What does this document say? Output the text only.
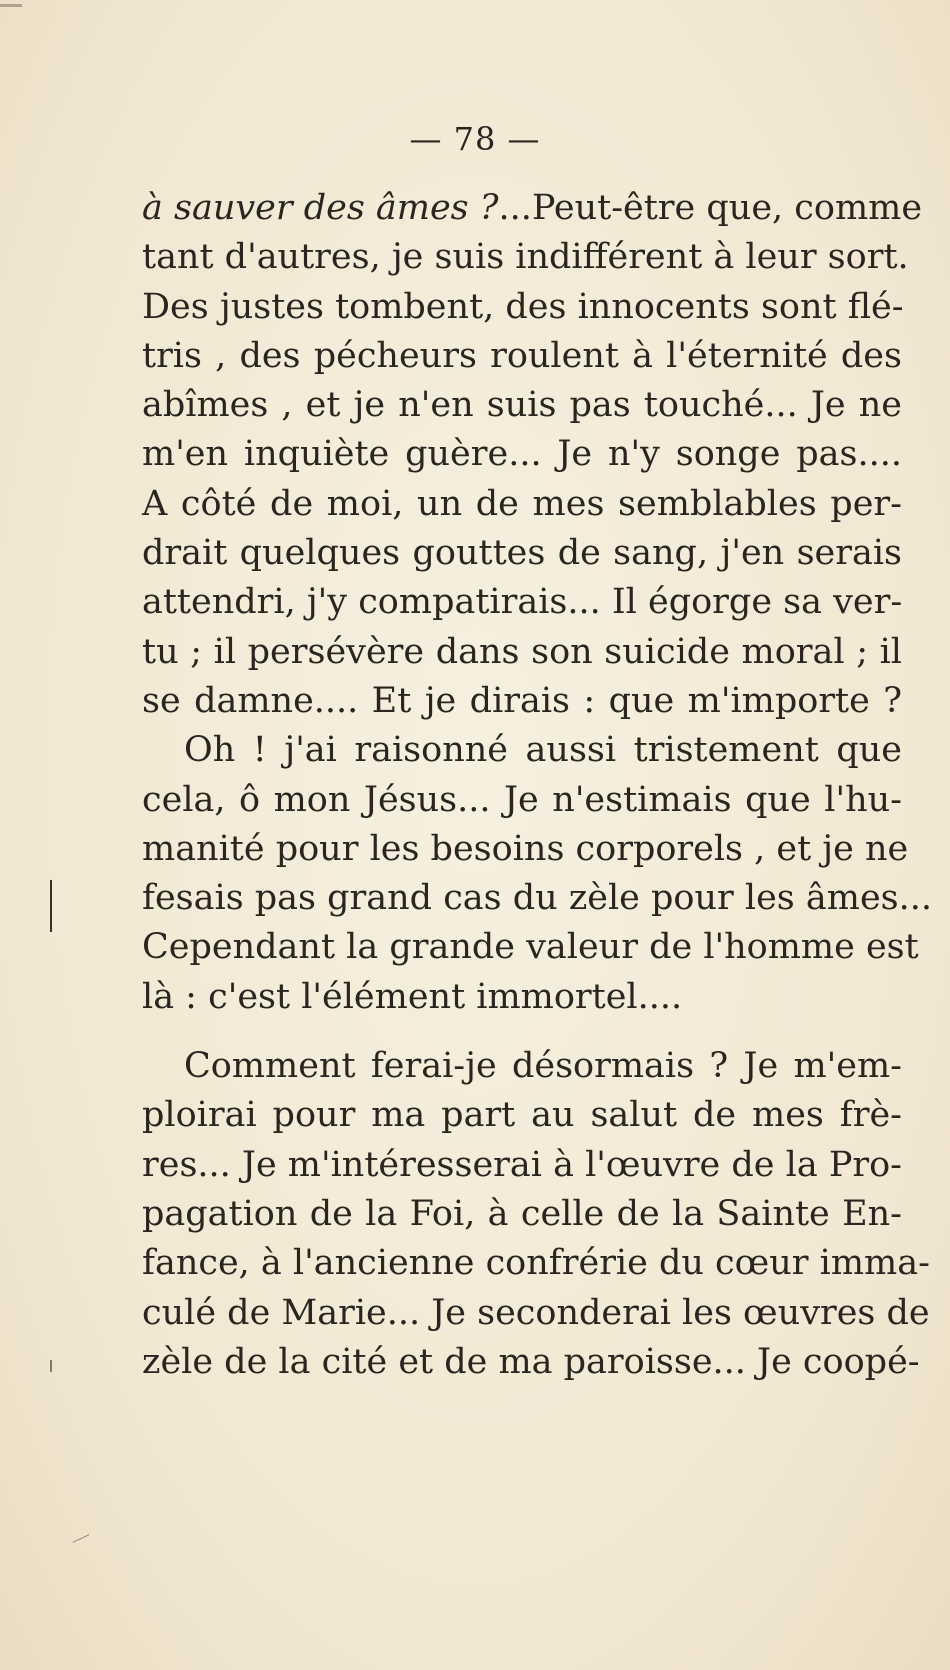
— 78 —
à sauver des âmes ?...Peut-être que, comme
tant d'autres, je suis indifférent à leur sort.
Des justes tombent, des innocents sont flé-
tris , des pécheurs roulent à l'éternité des
abîmes , et je n'en suis pas touché... Je ne
m'en inquiète guère... Je n'y songe pas....
A côté de moi, un de mes semblables per-
drait quelques gouttes de sang, j'en serais
attendri, j'y compatirais... Il égorge sa ver-
tu ; il persévère dans son suicide moral ; il
se damne.... Et je dirais : que m'importe ?
Oh ! j'ai raisonné aussi tristement que
cela, ô mon Jésus... Je n'estimais que l'hu-
manité pour les besoins corporels , et je ne
fesais pas grand cas du zèle pour les âmes...
Cependant la grande valeur de l'homme est
là : c'est l'élément immortel....
Comment ferai-je désormais ? Je m'em-
ploirai pour ma part au salut de mes frè-
res... Je m'intéresserai à l'œuvre de la Pro-
pagation de la Foi, à celle de la Sainte En-
fance, à l'ancienne confrérie du cœur imma-
culé de Marie... Je seconderai les œuvres de
zèle de la cité et de ma paroisse... Je coopé-
